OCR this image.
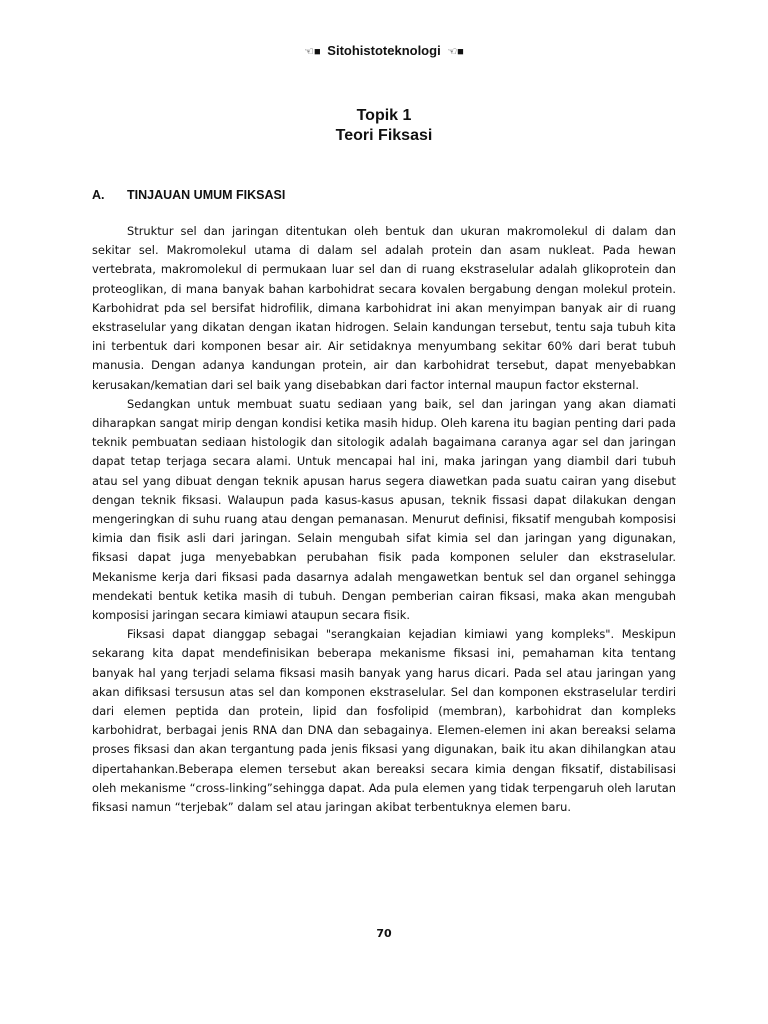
☜■ Sitohistoteknologi ☜■
Topik 1
Teori Fiksasi
A. TINJAUAN UMUM FIKSASI

Struktur sel dan jaringan ditentukan oleh bentuk dan ukuran makromolekul di dalam dan sekitar sel. Makromolekul utama di dalam sel adalah protein dan asam nukleat. Pada hewan vertebrata, makromolekul di permukaan luar sel dan di ruang ekstraselular adalah glikoprotein dan proteoglikan, di mana banyak bahan karbohidrat secara kovalen bergabung dengan molekul protein. Karbohidrat pda sel bersifat hidrofilik, dimana karbohidrat ini akan menyimpan banyak air di ruang ekstraselular yang dikatan dengan ikatan hidrogen. Selain kandungan tersebut, tentu saja tubuh kita ini terbentuk dari komponen besar air. Air setidaknya menyumbang sekitar 60% dari berat tubuh manusia. Dengan adanya kandungan protein, air dan karbohidrat tersebut, dapat menyebabkan kerusakan/kematian dari sel baik yang disebabkan dari factor internal maupun factor eksternal.

Sedangkan untuk membuat suatu sediaan yang baik, sel dan jaringan yang akan diamati diharapkan sangat mirip dengan kondisi ketika masih hidup. Oleh karena itu bagian penting dari pada teknik pembuatan sediaan histologik dan sitologik adalah bagaimana caranya agar sel dan jaringan dapat tetap terjaga secara alami. Untuk mencapai hal ini, maka jaringan yang diambil dari tubuh atau sel yang dibuat dengan teknik apusan harus segera diawetkan pada suatu cairan yang disebut dengan teknik fiksasi. Walaupun pada kasus-kasus apusan, teknik fissasi dapat dilakukan dengan mengeringkan di suhu ruang atau dengan pemanasan. Menurut definisi, fiksatif mengubah komposisi kimia dan fisik asli dari jaringan. Selain mengubah sifat kimia sel dan jaringan yang digunakan, fiksasi dapat juga menyebabkan perubahan fisik pada komponen seluler dan ekstraselular. Mekanisme kerja dari fiksasi pada dasarnya adalah mengawetkan bentuk sel dan organel sehingga mendekati bentuk ketika masih di tubuh. Dengan pemberian cairan fiksasi, maka akan mengubah komposisi jaringan secara kimiawi ataupun secara fisik.

Fiksasi dapat dianggap sebagai "serangkaian kejadian kimiawi yang kompleks". Meskipun sekarang kita dapat mendefinisikan beberapa mekanisme fiksasi ini, pemahaman kita tentang banyak hal yang terjadi selama fiksasi masih banyak yang harus dicari. Pada sel atau jaringan yang akan difiksasi tersusun atas sel dan komponen ekstraselular. Sel dan komponen ekstraselular terdiri dari elemen peptida dan protein, lipid dan fosfolipid (membran), karbohidrat dan kompleks karbohidrat, berbagai jenis RNA dan DNA dan sebagainya. Elemen-elemen ini akan bereaksi selama proses fiksasi dan akan tergantung pada jenis fiksasi yang digunakan, baik itu akan dihilangkan atau dipertahankan.Beberapa elemen tersebut akan bereaksi secara kimia dengan fiksatif, distabilisasi oleh mekanisme “cross-linking”sehingga dapat. Ada pula elemen yang tidak terpengaruh oleh larutan fiksasi namun “terjebak” dalam sel atau jaringan akibat terbentuknya elemen baru.

70
